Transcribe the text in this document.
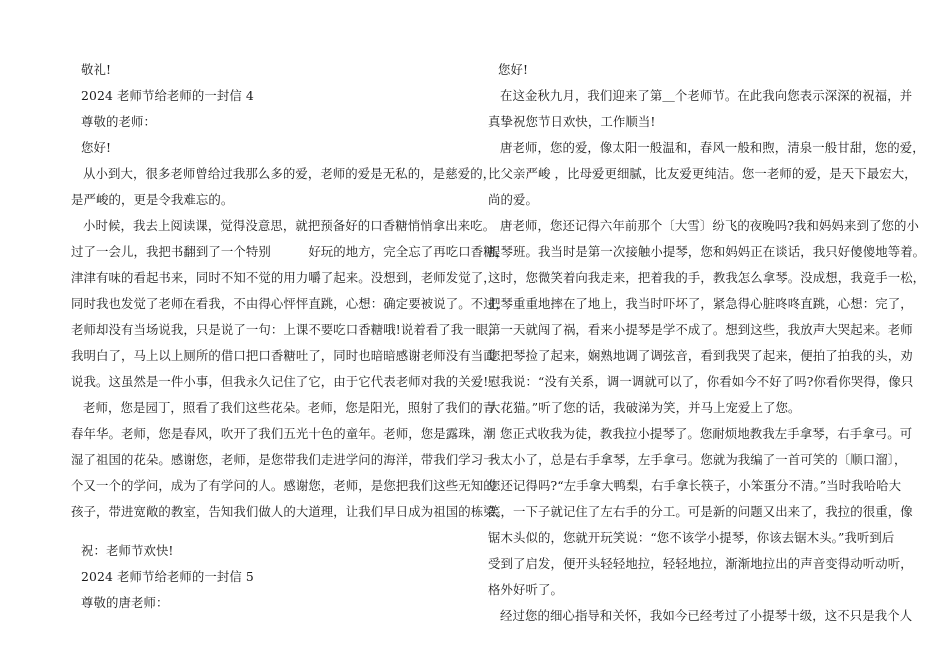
敬礼!
2024 老师节给老师的一封信 4
尊敬的老师：
您好!
从小到大，很多老师曾给过我那么多的爱，老师的爱是无私的，是慈爱的，
是严峻的，更是令我难忘的。
小时候，我去上阅读课，觉得没意思，就把预备好的口香糖悄悄拿出来吃。
过了一会儿，我把书翻到了一个特别　　　好玩的地方，完全忘了再吃口香糖，
津津有味的看起书来，同时不知不觉的用力嚼了起来。没想到，老师发觉了，
同时我也发觉了老师在看我，不由得心怦怦直跳，心想：确定要被说了。不过，
老师却没有当场说我，只是说了一句：上课不要吃口香糖哦!说着看了我一眼，
我明白了，马上以上厕所的借口把口香糖吐了，同时也暗暗感谢老师没有当面
说我。这虽然是一件小事，但我永久记住了它，由于它代表老师对我的关爱!
老师，您是园丁，照看了我们这些花朵。老师，您是阳光，照射了我们的青
春年华。老师，您是春风，吹开了我们五光十色的童年。老师，您是露珠，潮
湿了祖国的花朵。感谢您，老师，是您带我们走进学问的海洋，带我们学习一
个又一个的学问，成为了有学问的人。感谢您，老师，是您把我们这些无知的
孩子，带进宽敞的教室，告知我们做人的大道理，让我们早日成为祖国的栋梁。
祝：老师节欢快!
2024 老师节给老师的一封信 5
尊敬的唐老师：
您好!
在这金秋九月，我们迎来了第＿个老师节。在此我向您表示深深的祝福，并
真挚祝您节日欢快，工作顺当!
唐老师，您的爱，像太阳一般温和，春风一般和煦，清泉一般甘甜，您的爱，
比父亲严峻 ，比母爱更细腻，比友爱更纯洁。您一老师的爱，是天下最宏大，
尚的爱。
唐老师，您还记得六年前那个〔大雪〕纷飞的夜晚吗?我和妈妈来到了您的小
提琴班。我当时是第一次接触小提琴，您和妈妈正在谈话，我只好傻傻地等着。
这时，您微笑着向我走来，把着我的手，教我怎么拿琴。没成想，我竟手一松，
把琴重重地摔在了地上，我当时吓坏了，紧急得心脏咚咚直跳，心想：完了，
第一天就闯了祸，看来小提琴是学不成了。想到这些，我放声大哭起来。老师
您把琴捡了起来，娴熟地调了调弦音，看到我哭了起来，便拍了拍我的头，劝
慰我说：“没有关系，调一调就可以了，你看如今不好了吗?你看你哭得，像只
大花猫。”听了您的话，我破涕为笑，并马上宠爱上了您。
您正式收我为徒，教我拉小提琴了。您耐烦地教我左手拿琴，右手拿弓。可
我太小了，总是右手拿琴，左手拿弓。您就为我编了一首可笑的〔顺口溜〕，
您还记得吗?“左手拿大鸭梨，右手拿长筷子，小笨蛋分不清。”当时我哈哈大
笑，一下子就记住了左右手的分工。可是新的问题又出来了，我拉的很重，像
锯木头似的，您就开玩笑说：“您不该学小提琴，你该去锯木头。”我听到后
受到了启发，便开头轻轻地拉，轻轻地拉，渐渐地拉出的声音变得动听动听，
格外好听了。
经过您的细心指导和关怀，我如今已经考过了小提琴十级，这不只是我个人
